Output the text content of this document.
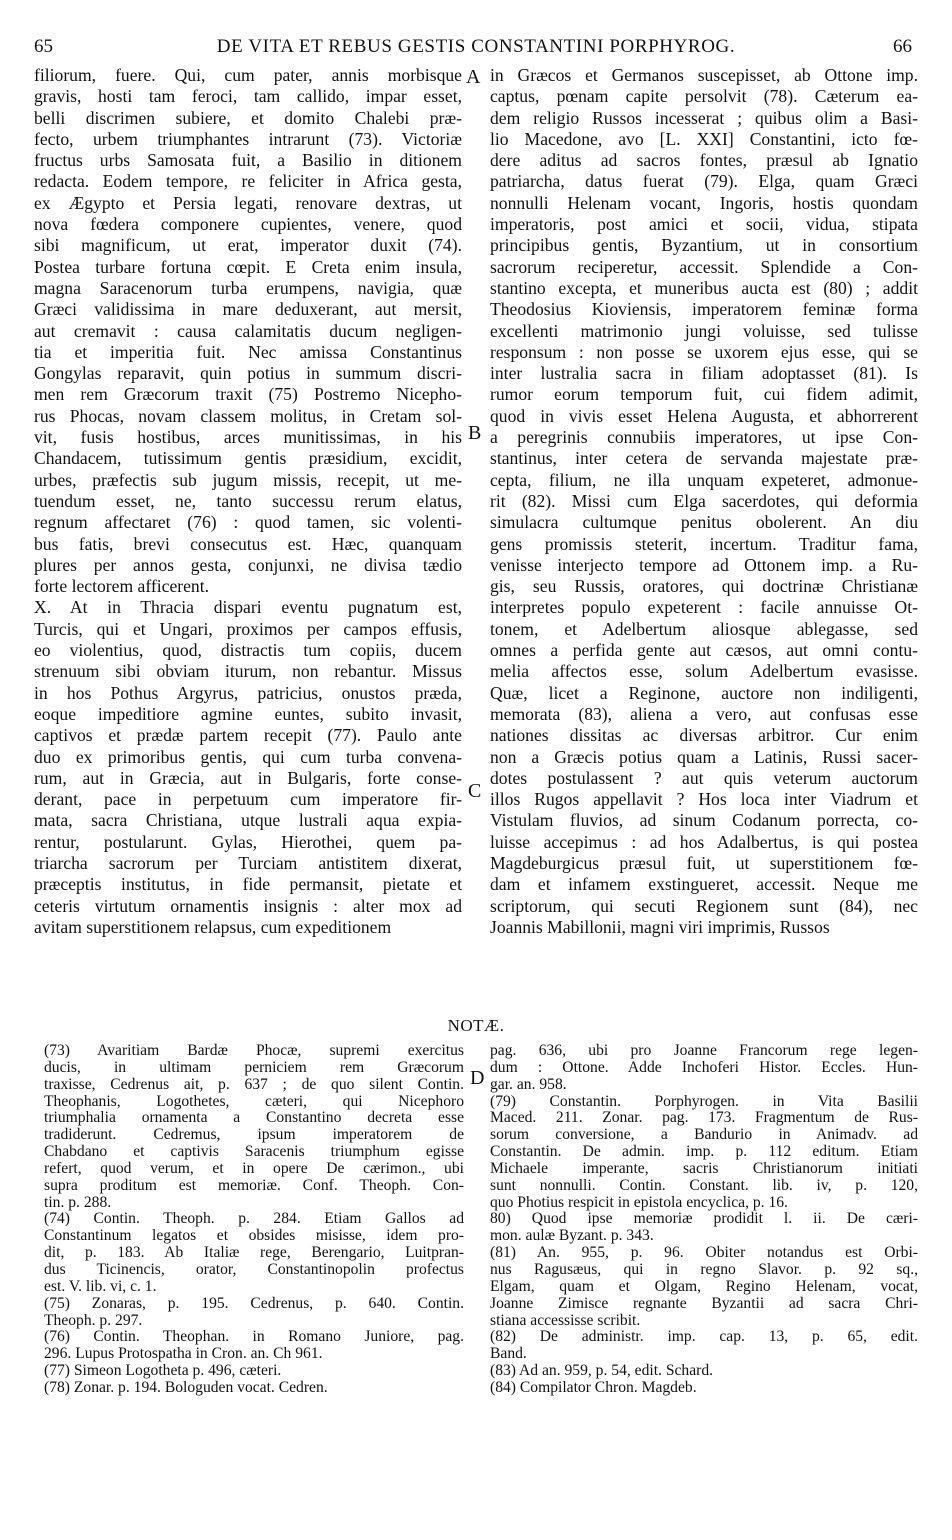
65	DE VITA ET REBUS GESTIS CONSTANTINI PORPHYROG.	66
filiorum, fuere. Qui, cum pater, annis morbisque
gravis, hosti tam feroci, tam callido, impar esset,
belli discrimen subiere, et domito Chalebi præ-
fecto, urbem triumphantes intrarunt (73). Victoriæ
fructus urbs Samosata fuit, a Basilio in ditionem
redacta. Eodem tempore, re feliciter in Africa gesta,
ex Ægypto et Persia legati, renovare dextras, ut
nova fœdera componere cupientes, venere, quod
sibi magnificum, ut erat, imperator duxit (74).
Postea turbare fortuna cœpit. E Creta enim insula,
magna Saracenorum turba erumpens, navigia, quæ
Græci validissima in mare deduxerant, aut mersit,
aut cremavit : causa calamitatis ducum negligen-
tia et imperitia fuit. Nec amissa Constantinus
Gongylas reparavit, quin potius in summum discri-
men rem Græcorum traxit (75) Postremo Nicepho-
rus Phocas, novam classem molitus, in Cretam sol-
vit, fusis hostibus, arces munitissimas, in his
Chandacem, tutissimum gentis præsidium, excidit,
urbes, præfectis sub jugum missis, recepit, ut me-
tuendum esset, ne, tanto successu rerum elatus,
regnum affectaret (76) : quod tamen, sic volenti-
bus fatis, brevi consecutus est. Hæc, quanquam
plures per annos gesta, conjunxi, ne divisa tædio
forte lectorem afficerent.
X. At in Thracia dispari eventu pugnatum est,
Turcis, qui et Ungari, proximos per campos effusis,
eo violentius, quod, distractis tum copiis, ducem
strenuum sibi obviam iturum, non rebantur. Missus
in hos Pothus Argyrus, patricius, onustos præda,
eoque impeditiore agmine euntes, subito invasit,
captivos et prædæ partem recepit (77). Paulo ante
duo ex primoribus gentis, qui cum turba convena-
rum, aut in Græcia, aut in Bulgaris, forte conse-
derant, pace in perpetuum cum imperatore fir-
mata, sacra Christiana, utque lustrali aqua expia-
rentur, postularunt. Gylas, Hierothei, quem pa-
triarcha sacrorum per Turciam antistitem dixerat,
præceptis institutus, in fide permansit, pietate et
ceteris virtutum ornamentis insignis : alter mox ad
avitam superstitionem relapsus, cum expeditionem
in Græcos et Germanos suscepisset, ab Ottone imp.
captus, pœnam capite persolvit (78). Cæterum ea-
dem religio Russos incesserat ; quibus olim a Basi-
lio Macedone, avo [L. XXI] Constantini, icto fœ-
dere aditus ad sacros fontes, præsul ab Ignatio
patriarcha, datus fuerat (79). Elga, quam Græci
nonnulli Helenam vocant, Ingoris, hostis quondam
imperatoris, post amici et socii, vidua, stipata
principibus gentis, Byzantium, ut in consortium
sacrorum reciperetur, accessit. Splendide a Con-
stantino excepta, et muneribus aucta est (80) ; addit
Theodosius Kioviensis, imperatorem feminæ forma
excellenti matrimonio jungi voluisse, sed tulisse
responsum : non posse se uxorem ejus esse, qui se
inter lustralia sacra in filiam adoptasset (81). Is
rumor eorum temporum fuit, cui fidem adimit,
quod in vivis esset Helena Augusta, et abhorrerent
a peregrinis connubiis imperatores, ut ipse Con-
stantinus, inter cetera de servanda majestate præ-
cepta, filium, ne illa unquam expeteret, admonue-
rit (82). Missi cum Elga sacerdotes, qui deformia
simulacra cultumque penitus obolerent. An diu
gens promissis steterit, incertum. Traditur fama,
venisse interjecto tempore ad Ottonem imp. a Ru-
gis, seu Russis, oratores, qui doctrinæ Christianæ
interpretes populo expeterent : facile annuisse Ot-
tonem, et Adelbertum aliosque ablegasse, sed
omnes a perfida gente aut cæsos, aut omni contu-
melia affectos esse, solum Adelbertum evasisse.
Quæ, licet a Reginone, auctore non indiligenti,
memorata (83), aliena a vero, aut confusas esse
nationes dissitas ac diversas arbitror. Cur enim
non a Græcis potius quam a Latinis, Russi sacer-
dotes postulassent ? aut quis veterum auctorum
illos Rugos appellavit ? Hos loca inter Viadrum et
Vistulam fluvios, ad sinum Codanum porrecta, co-
luisse accepimus : ad hos Adalbertus, is qui postea
Magdeburgicus præsul fuit, ut superstitionem fœ-
dam et infamem exstingueret, accessit. Neque me
scriptorum, qui secuti Regionem sunt (84), nec
Joannis Mabillonii, magni viri imprimis, Russos
A
B
C
D
NOTÆ.
(73) Avaritiam Bardæ Phocæ, supremi exercitus
ducis, in ultimam perniciem rem Græcorum
traxisse, Cedrenus ait, p. 637 ; de quo silent Contin.
Theophanis, Logothetes, cæteri, qui Nicephoro
triumphalia ornamenta a Constantino decreta esse
tradiderunt. Cedremus, ipsum imperatorem de
Chabdano et captivis Saracenis triumphum egisse
refert, quod verum, et in opere De cærimon., ubi
supra proditum est memoriæ. Conf. Theoph. Con-
tin. p. 288.
(74) Contin. Theoph. p. 284. Etiam Gallos ad
Constantinum legatos et obsides misisse, idem pro-
dit, p. 183. Ab Italiæ rege, Berengario, Luitpran-
dus Ticinencis, orator, Constantinopolin profectus
est. V. lib. vi, c. 1.
(75) Zonaras, p. 195. Cedrenus, p. 640. Contin.
Theoph. p. 297.
(76) Contin. Theophan. in Romano Juniore, pag.
296. Lupus Protospatha in Cron. an. Ch 961.
(77) Simeon Logotheta p. 496, cæteri.
(78) Zonar. p. 194. Bologuden vocat. Cedren.
pag. 636, ubi pro Joanne Francorum rege legen-
dum : Ottone. Adde Inchoferi Histor. Eccles. Hun-
gar. an. 958.
(79) Constantin. Porphyrogen. in Vita Basilii
Maced. 211. Zonar. pag. 173. Fragmentum de Rus-
sorum conversione, a Bandurio in Animadv. ad
Constantin. De admin. imp. p. 112 editum. Etiam
Michaele imperante, sacris Christianorum initiati
sunt nonnulli. Contin. Constant. lib. iv, p. 120,
quo Photius respicit in epistola encyclica, p. 16.
80) Quod ipse memoriæ prodidit l. ii. De cæri-
mon. aulæ Byzant. p. 343.
(81) An. 955, p. 96. Obiter notandus est Orbi-
nus Ragusæus, qui in regno Slavor. p. 92 sq.,
Elgam, quam et Olgam, Regino Helenam, vocat,
Joanne Zimisce regnante Byzantii ad sacra Chri-
stiana accessisse scribit.
(82) De administr. imp. cap. 13, p. 65, edit.
Band.
(83) Ad an. 959, p. 54, edit. Schard.
(84) Compilator Chron. Magdeb.
